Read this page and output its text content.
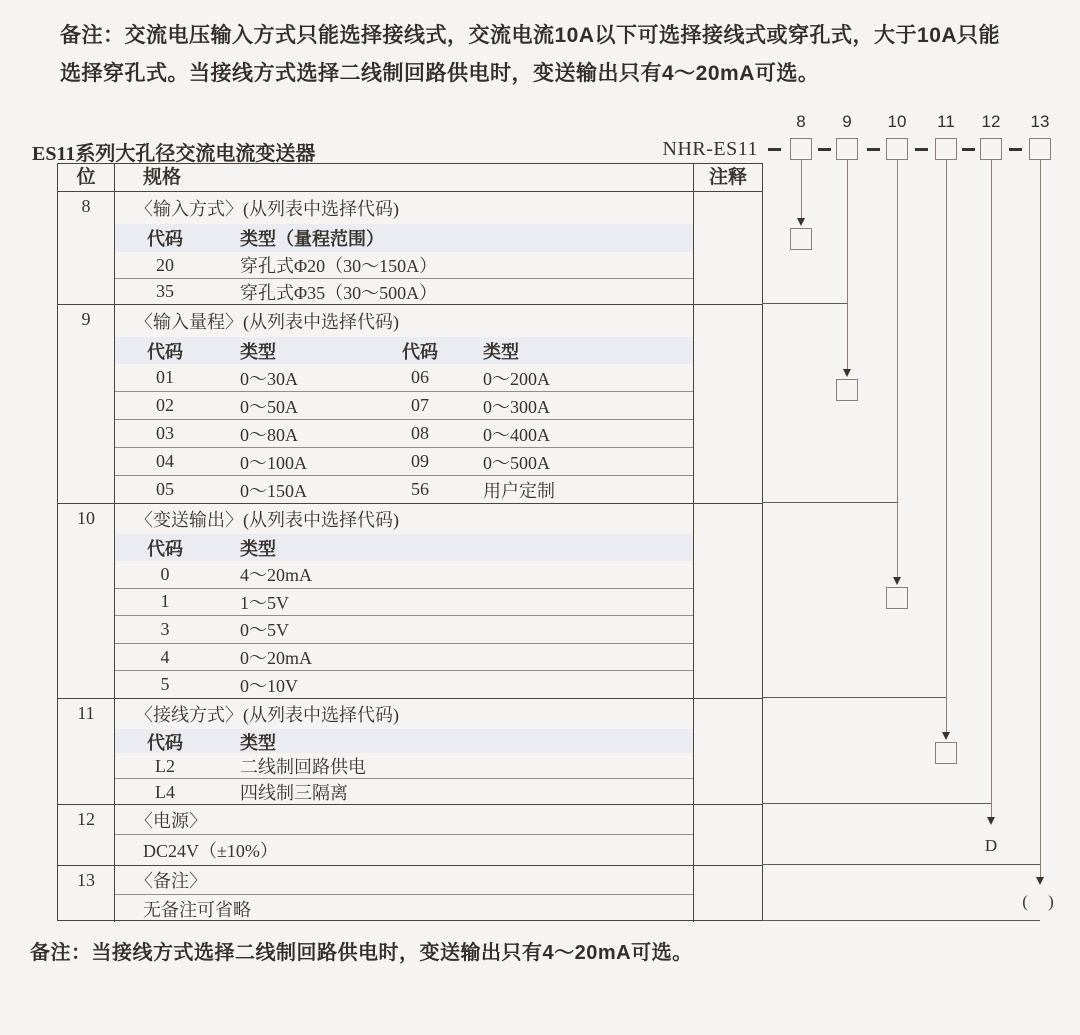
备注：交流电压输入方式只能选择接线式，交流电流10A以下可选择接线式或穿孔式，大于10A只能
选择穿孔式。当接线方式选择二线制回路供电时，变送输出只有4～20mA可选。
ES11系列大孔径交流电流变送器	NHR-ES11
位	规格	注释
8	〈输入方式〉(从列表中选择代码)
代码	类型（量程范围）
20	穿孔式Φ20（30～150A）
35	穿孔式Φ35（30～500A）
9	〈输入量程〉(从列表中选择代码)
代码	类型	代码	类型
01	0～30A	06	0～200A
02	0～50A	07	0～300A
03	0～80A	08	0～400A
04	0～100A	09	0～500A
05	0～150A	56	用户定制
10	〈变送输出〉(从列表中选择代码)
代码	类型
0	4～20mA
1	1～5V
3	0～5V
4	0～20mA
5	0～10V
11	〈接线方式〉(从列表中选择代码)
代码	类型
L2	二线制回路供电
L4	四线制三隔离
12	〈电源〉
DC24V（±10%）
13	〈备注〉
无备注可省略
8	9	10	11	12	13
D
( )
备注：当接线方式选择二线制回路供电时，变送输出只有4～20mA可选。
